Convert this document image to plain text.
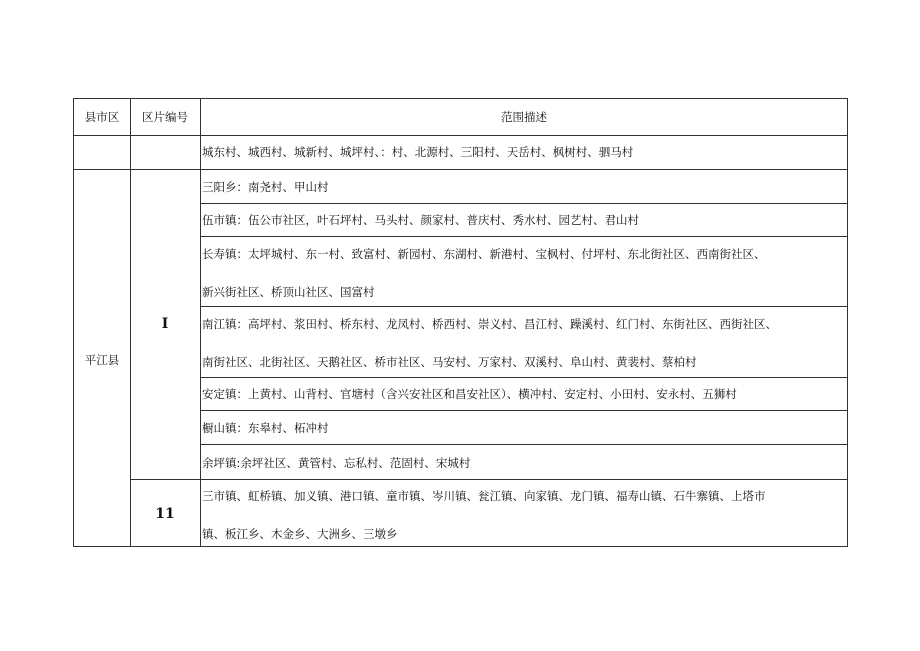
县市区 区片编号	范围描述
城东村、城西村、城新村、城坪村、：村、北源村、三阳村、天岳村、枫树村、驷马村
平江县
I
三阳乡：南尧村、甲山村
伍市镇：伍公市社区，叶石坪村、马头村、颜家村、普庆村、秀水村、园艺村、君山村
长寿镇：太坪城村、东一村、致富村、新园村、东湖村、新港村、宝枫村、付坪村、东北街社区、西南街社区、
新兴街社区、桥顶山社区、国富村
南江镇：高坪村、浆田村、桥东村、龙凤村、桥西村、崇义村、昌江村、躁溪村、红门村、东街社区、西街社区、
南街社区、北街社区、天鹅社区、桥市社区、马安村、万家村、双溪村、阜山村、黄裴村、蔡柏村
安定镇：上黄村、山背村、官塘村（含兴安社区和昌安社区）、横冲村、安定村、小田村、安永村、五狮村
橱山镇：东皋村、柘冲村
余坪镇:余坪社区、黄管村、忘私村、范固村、宋城村
11
三市镇、虹桥镇、加义镇、港口镇、童市镇、岑川镇、瓮江镇、向家镇、龙门镇、福寿山镇、石牛寨镇、上塔市
镇、板江乡、木金乡、大洲乡、三墩乡
